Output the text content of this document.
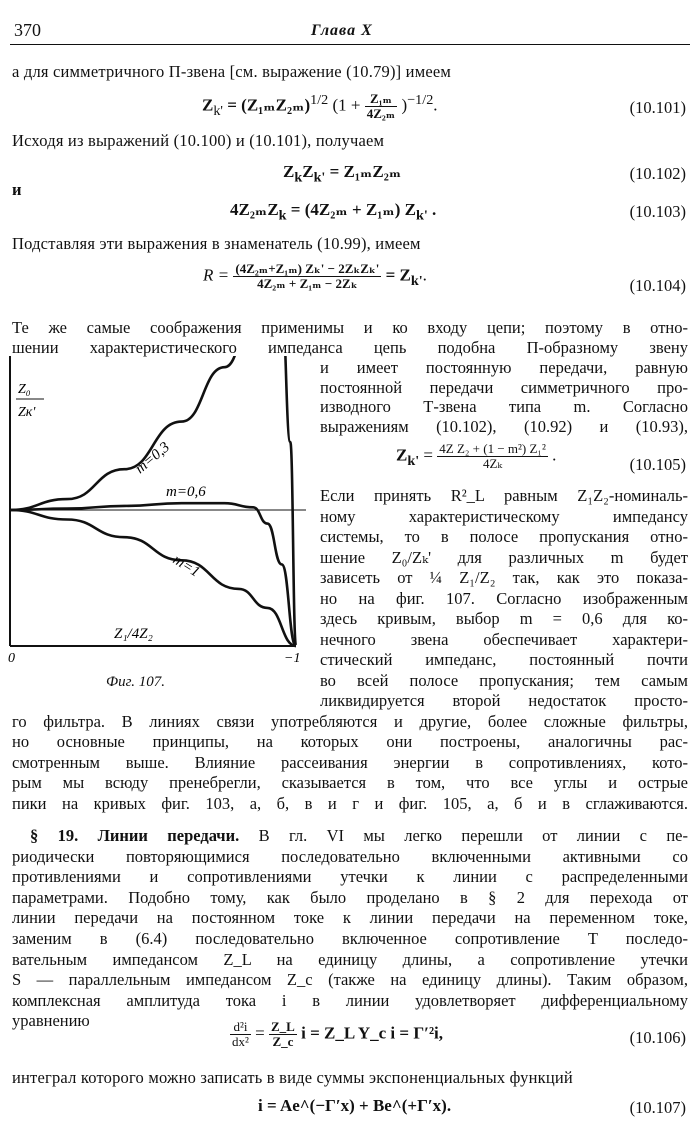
370	Глава X
а для симметричного П-звена [см. выражение (10.79)] имеем
$Z_{k'} = (Z_{1m}Z_{2m})^{1/2}$ $(1 + \frac{\text{Z₁ₘ}}{\text{4Z₂ₘ}} )^{-1/2}$.	(10.101)
Исходя из выражений (10.100) и (10.101), получаем
$Z_kZ_{k'} = Z_{1m}Z_{2m}$	(10.102)
и
4Z₂ₘZ$_k$ = (4Z₂ₘ + Z₁ₘ) $Z_{k'}$ .	(10.103)
Подставляя эти выражения в знаменатель (10.99), имеем
$R = \frac{\text{(4Z₂ₘ+Z₁ₘ) Zₖ' − 2ZₖZₖ'}}{\text{4Z₂ₘ + Z₁ₘ − 2Zₖ}} = Z_{k'}$.
(10.104)
Те же самые соображения применимы и ко входу цепи; поэтому в отно-
шении характеристического импеданса цепь подобна П-образному звену
Z₀
Zк'
Z₁/4Z₂
0	−1
m=0,3
m=0,6
m=1
Фиг. 107.
и имеет постоянную передачи, равную
постоянной передачи симметричного про-
изводного Т-звена типа m. Согласно
выражениям (10.102), (10.92) и (10.93),
$Z_{k'} = \frac{\text{4Z Z₂ + (1 − m²) Z₁²}}{\text{4Zₖ}}$ .
(10.105)
Если принять R²_L равным Z₁Z₂-номиналь-
ному характеристическому импедансу
системы, то в полосе пропускания отно-
шение Z₀/Zₖ' для различных m будет
зависеть от ¼ Z₁/Z₂ так, как это показа-
но на фиг. 107. Согласно изображенным
здесь кривым, выбор m = 0,6 для ко-
нечного звена обеспечивает характери-
стический импеданс, постоянный почти
во всей полосе пропускания; тем самым
ликвидируется второй недостаток просто-
го фильтра. В линиях связи употребляются и другие, более сложные фильтры,
но основные принципы, на которых они построены, аналогичны рас-
смотренным выше. Влияние рассеивания энергии в сопротивлениях, кото-
рым мы всюду пренебрегли, сказывается в том, что все углы и острые
пики на кривых фиг. 103, а, б, в и г и фиг. 105, а, б и в сглаживаются.
§ 19. Линии передачи. В гл. VI мы легко перешли от линии с пе-
риодически повторяющимися последовательно включенными активными со
противлениями и сопротивлениями утечки к линии с распределенными
параметрами. Подобно тому, как было проделано в § 2 для перехода от
линии передачи на постоянном токе к линии передачи на переменном токе,
заменим в (6.4) последовательно включенное сопротивление T последо-
вательным импедансом Z_L на единицу длины, а сопротивление утечки
S — параллельным импедансом Z_c (также на единицу длины). Таким образом,
комплексная амплитуда тока i в линии удовлетворяет дифференциальному
уравнению	$\frac{\text{d²i}}{\text{dx²}} = \frac{Z\_L}{Z\_c}$ i = Z_L Y_c i = Γ′²i,	(10.106)
интеграл которого можно записать в виде суммы экспоненциальных функций
i = Ae^(−Γ′x) + Be^(+Γ′x).	(10.107)
